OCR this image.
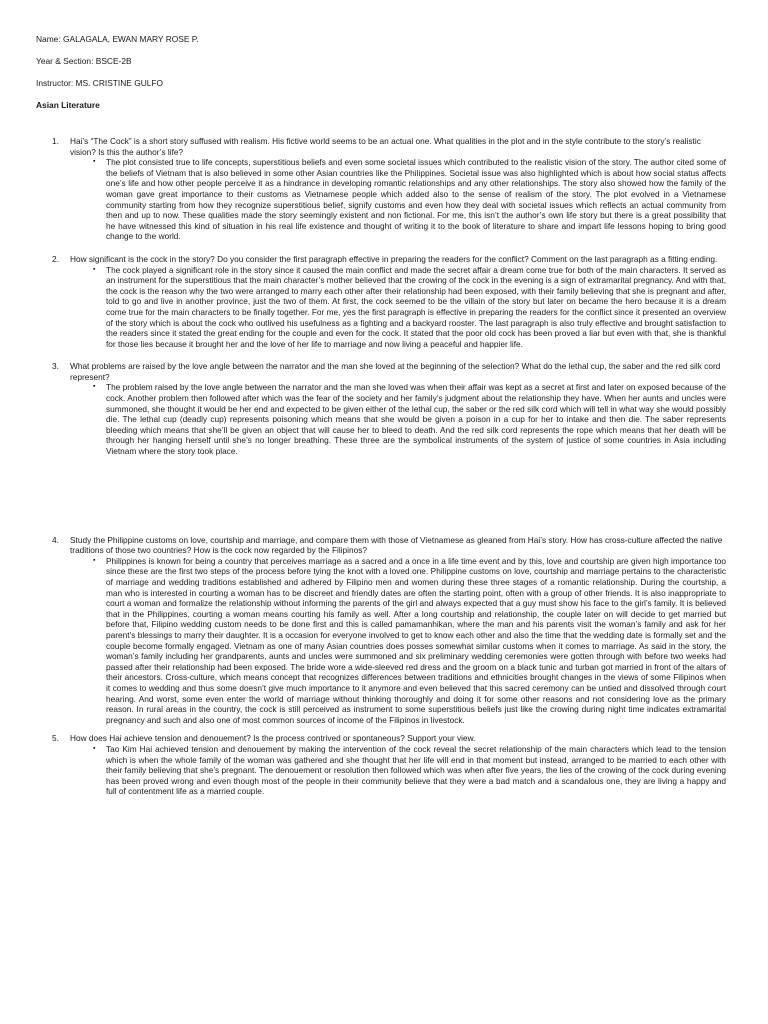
Name: GALAGALA, EWAN MARY ROSE P.
Year & Section: BSCE-2B
Instructor: MS. CRISTINE GULFO
Asian Literature
1. Hai’s “The Cock” is a short story suffused with realism. His fictive world seems to be an actual one. What qualities in the plot and in the style contribute to the story’s realistic vision? Is this the author’s life?
▪ The plot consisted true to life concepts, superstitious beliefs and even some societal issues which contributed to the realistic vision of the story. The author cited some of the beliefs of Vietnam that is also believed in some other Asian countries like the Philippines. Societal issue was also highlighted which is about how social status affects one’s life and how other people perceive it as a hindrance in developing romantic relationships and any other relationships. The story also showed how the family of the woman gave great importance to their customs as Vietnamese people which added also to the sense of realism of the story. The plot evolved in a Vietnamese community starting from how they recognize superstitious belief, signify customs and even how they deal with societal issues which reflects an actual community from then and up to now. These qualities made the story seemingly existent and non fictional. For me, this isn’t the author’s own life story but there is a great possibility that he have witnessed this kind of situation in his real life existence and thought of writing it to the book of literature to share and impart life lessons hoping to bring good change to the world.
2. How significant is the cock in the story? Do you consider the first paragraph effective in preparing the readers for the conflict? Comment on the last paragraph as a fitting ending.
▪ The cock played a significant role in the story since it caused the main conflict and made the secret affair a dream come true for both of the main characters. It served as an instrument for the superstitious that the main character’s mother believed that the crowing of the cock in the evening is a sign of extramarital pregnancy. And with that, the cock is the reason why the two were arranged to marry each other after their relationship had been exposed, with their family believing that she is pregnant and after, told to go and live in another province, just the two of them. At first, the cock seemed to be the villain of the story but later on became the hero because it is a dream come true for the main characters to be finally together. For me, yes the first paragraph is effective in preparing the readers for the conflict since it presented an overview of the story which is about the cock who outlived his usefulness as a fighting and a backyard rooster. The last paragraph is also truly effective and brought satisfaction to the readers since it stated the great ending for the couple and even for the cock. It stated that the poor old cock has been proved a liar but even with that, she is thankful for those lies because it brought her and the love of her life to marriage and now living a peaceful and happier life.
3. What problems are raised by the love angle between the narrator and the man she loved at the beginning of the selection? What do the lethal cup, the saber and the red silk cord represent?
▪ The problem raised by the love angle between the narrator and the man she loved was when their affair was kept as a secret at first and later on exposed because of the cock. Another problem then followed after which was the fear of the society and her family’s judgment about the relationship they have. When her aunts and uncles were summoned, she thought it would be her end and expected to be given either of the lethal cup, the saber or the red silk cord which will tell in what way she would possibly die. The lethal cup (deadly cup) represents poisoning which means that she would be given a poison in a cup for her to intake and then die. The saber represents bleeding which means that she’ll be given an object that will cause her to bleed to death. And the red silk cord represents the rope which means that her death will be through her hanging herself until she’s no longer breathing. These three are the symbolical instruments of the system of justice of some countries in Asia including Vietnam where the story took place.
4. Study the Philippine customs on love, courtship and marriage, and compare them with those of Vietnamese as gleaned from Hai’s story. How has cross-culture affected the native traditions of those two countries? How is the cock now regarded by the Filipinos?
▪ Philippines is known for being a country that perceives marriage as a sacred and a once in a life time event and by this, love and courtship are given high importance too since these are the first two steps of the process before tying the knot with a loved one. Philippine customs on love, courtship and marriage pertains to the characteristic of marriage and wedding traditions established and adhered by Filipino men and women during these three stages of a romantic relationship. During the courtship, a man who is interested in courting a woman has to be discreet and friendly dates are often the starting point, often with a group of other friends. It is also inappropriate to court a woman and formalize the relationship without informing the parents of the girl and always expected that a guy must show his face to the girl’s family. It is believed that in the Philippines, courting a woman means courting his family as well. After a long courtship and relationship, the couple later on will decide to get married but before that, Filipino wedding custom needs to be done first and this is called pamamanhikan, where the man and his parents visit the woman’s family and ask for her parent’s blessings to marry their daughter. It is a occasion for everyone involved to get to know each other and also the time that the wedding date is formally set and the couple become formally engaged. Vietnam as one of many Asian countries does posses somewhat similar customs when it comes to marriage. As said in the story, the woman’s family including her grandparents, aunts and uncles were summoned and six preliminary wedding ceremonies were gotten through with before two weeks had passed after their relationship had been exposed. The bride wore a wide-sleeved red dress and the groom on a black tunic and turban got married in front of the altars of their ancestors. Cross-culture, which means concept that recognizes differences between traditions and ethnicities brought changes in the views of some Filipinos when it comes to wedding and thus some doesn’t give much importance to it anymore and even believed that this sacred ceremony can be untied and dissolved through court hearing. And worst, some even enter the world of marriage without thinking thoroughly and doing it for some other reasons and not considering love as the primary reason. In rural areas in the country, the cock is still perceived as instrument to some superstitious beliefs just like the crowing during night time indicates extramarital pregnancy and such and also one of most common sources of income of the Filipinos in livestock.
5. How does Hai achieve tension and denouement? Is the process contrived or spontaneous? Support your view.
▪ Tao Kim Hai achieved tension and denouement by making the intervention of the cock reveal the secret relationship of the main characters which lead to the tension which is when the whole family of the woman was gathered and she thought that her life will end in that moment but instead, arranged to be married to each other with their family believing that she’s pregnant. The denouement or resolution then followed which was when after five years, the lies of the crowing of the cock during evening has been proved wrong and even though most of the people in their community believe that they were a bad match and a scandalous one, they are living a happy and full of contentment life as a married couple.
